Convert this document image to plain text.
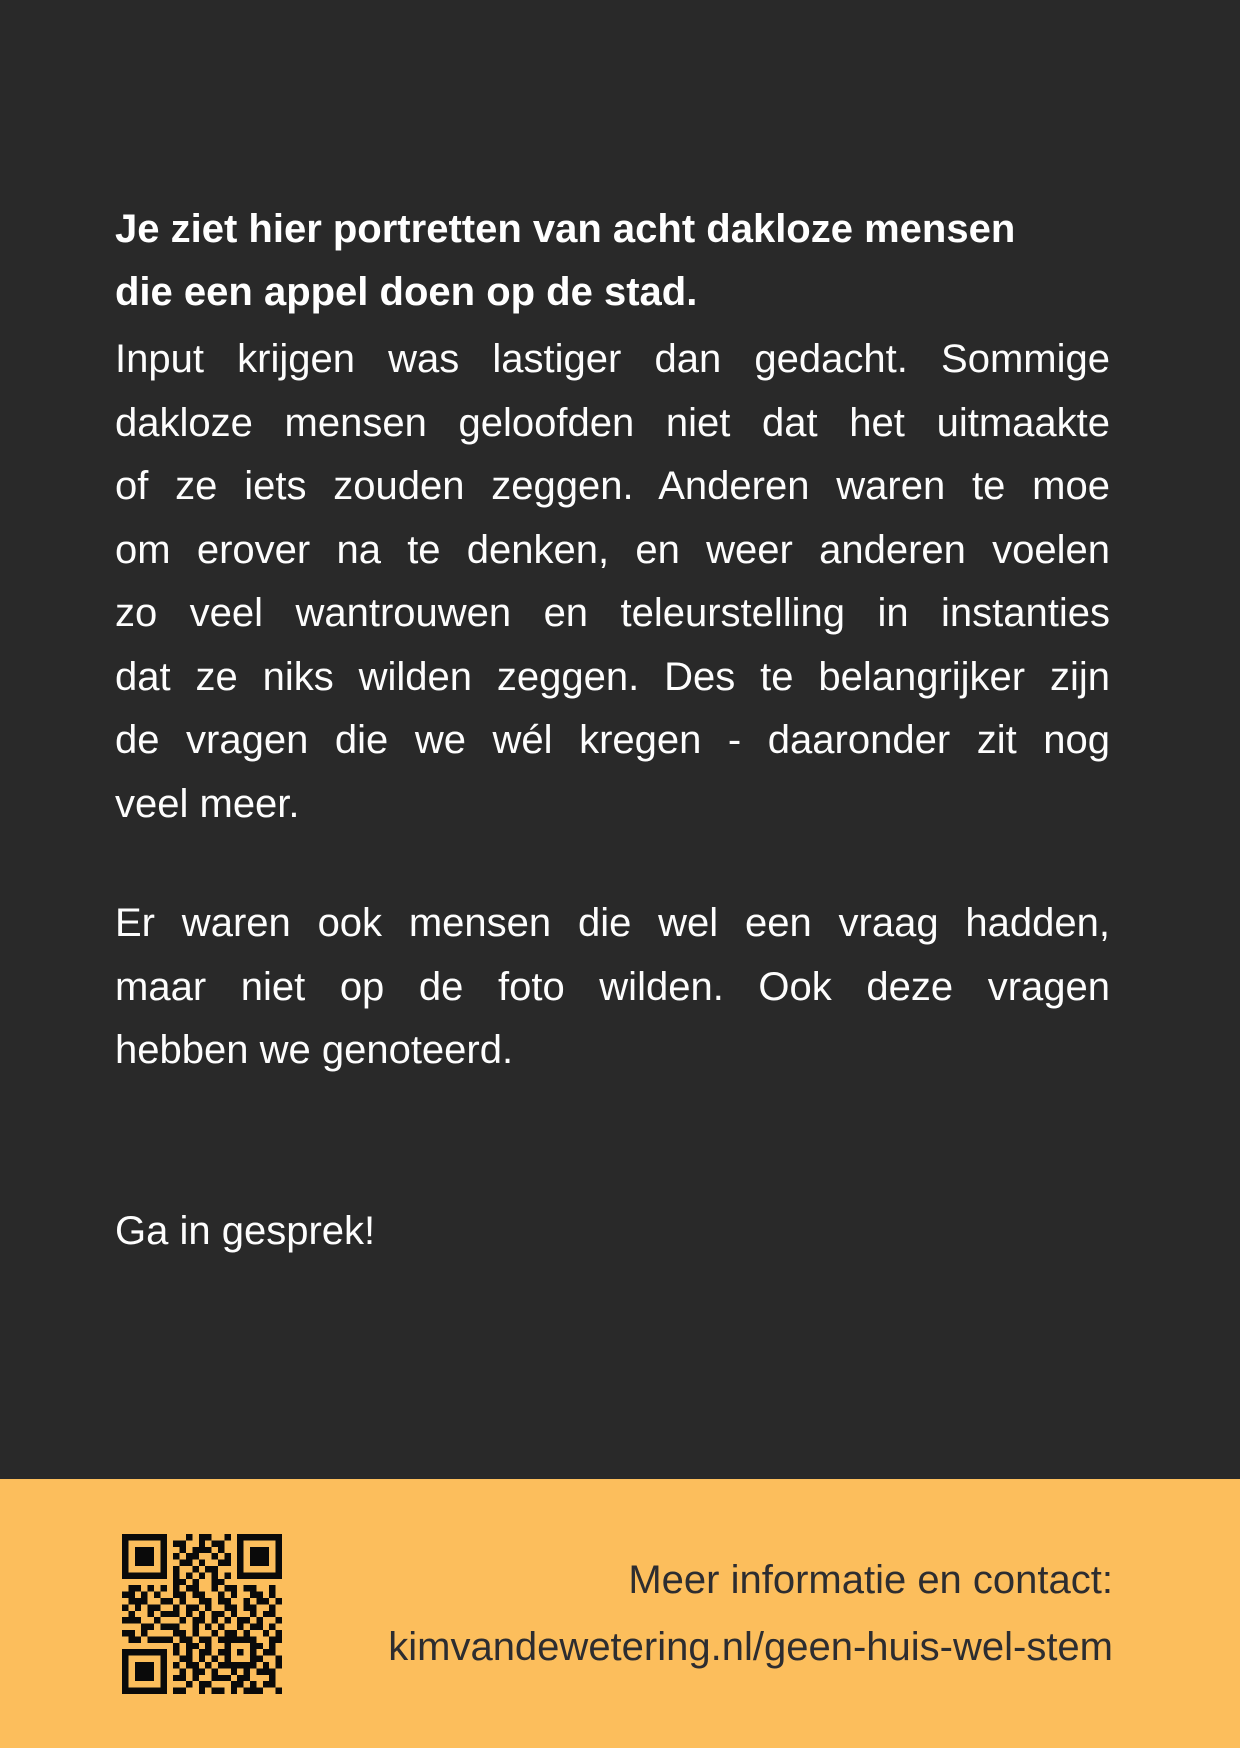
Je ziet hier portretten van acht dakloze mensen
die een appel doen op de stad.
Input krijgen was lastiger dan gedacht. Sommige
dakloze mensen geloofden niet dat het uitmaakte
of ze iets zouden zeggen. Anderen waren te moe
om erover na te denken, en weer anderen voelen
zo veel wantrouwen en teleurstelling in instanties
dat ze niks wilden zeggen. Des te belangrijker zijn
de vragen die we wél kregen - daaronder zit nog
veel meer.
Er waren ook mensen die wel een vraag hadden,
maar niet op de foto wilden. Ook deze vragen
hebben we genoteerd.

Ga in gesprek!

Meer informatie en contact:
kimvandewetering.nl/geen-huis-wel-stem
